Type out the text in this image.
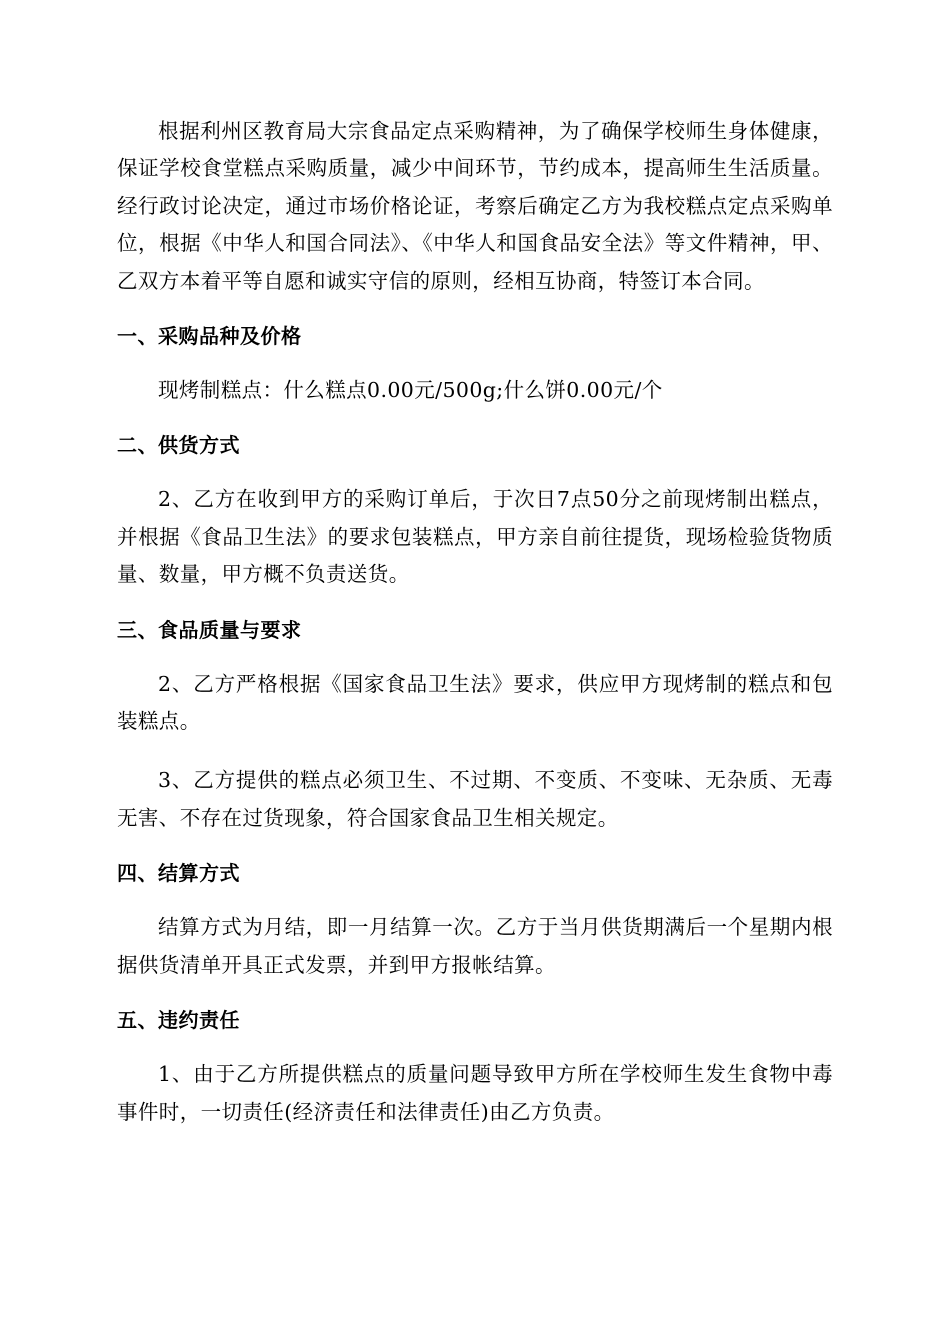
根据利州区教育局大宗食品定点采购精神，为了确保学校师生身体健康，保证学校食堂糕点采购质量，减少中间环节，节约成本，提高师生生活质量。经行政讨论决定，通过市场价格论证，考察后确定乙方为我校糕点定点采购单位，根据《中华人和国合同法》、《中华人和国食品安全法》等文件精神，甲、乙双方本着平等自愿和诚实守信的原则，经相互协商，特签订本合同。

一、采购品种及价格

现烤制糕点：什么糕点0.00元/500g;什么饼0.00元/个

二、供货方式

2、乙方在收到甲方的采购订单后，于次日7点50分之前现烤制出糕点，并根据《食品卫生法》的要求包装糕点，甲方亲自前往提货，现场检验货物质量、数量，甲方概不负责送货。

三、食品质量与要求

2、乙方严格根据《国家食品卫生法》要求，供应甲方现烤制的糕点和包装糕点。

3、乙方提供的糕点必须卫生、不过期、不变质、不变味、无杂质、无毒无害、不存在过货现象，符合国家食品卫生相关规定。

四、结算方式

结算方式为月结，即一月结算一次。乙方于当月供货期满后一个星期内根据供货清单开具正式发票，并到甲方报帐结算。

五、违约责任

1、由于乙方所提供糕点的质量问题导致甲方所在学校师生发生食物中毒事件时，一切责任(经济责任和法律责任)由乙方负责。
